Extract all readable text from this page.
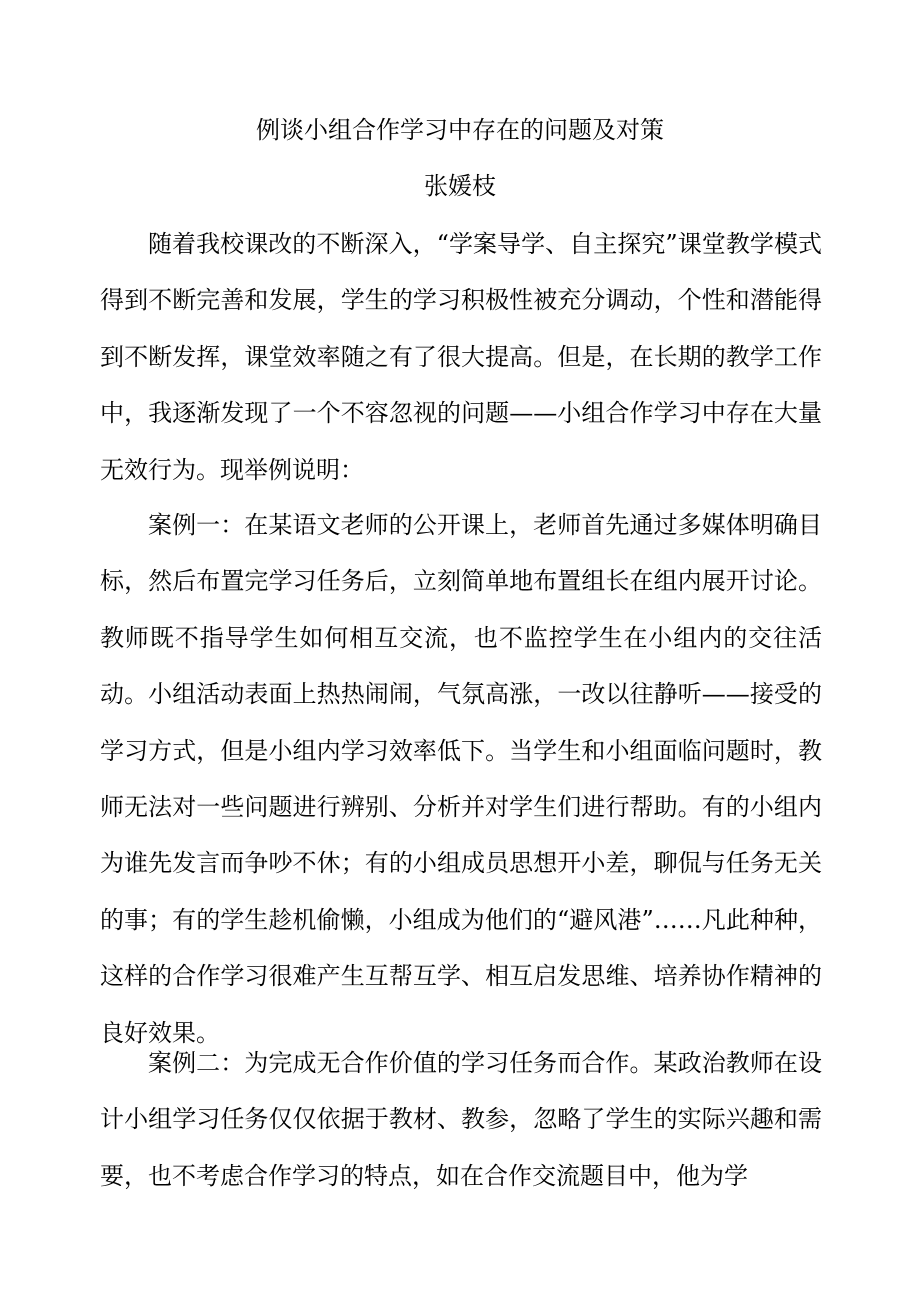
例谈小组合作学习中存在的问题及对策
张媛枝

随着我校课改的不断深入，“学案导学、自主探究”课堂教学模式得到不断完善和发展，学生的学习积极性被充分调动，个性和潜能得到不断发挥，课堂效率随之有了很大提高。但是，在长期的教学工作中，我逐渐发现了一个不容忽视的问题——小组合作学习中存在大量无效行为。现举例说明：

案例一：在某语文老师的公开课上，老师首先通过多媒体明确目标，然后布置完学习任务后，立刻简单地布置组长在组内展开讨论。教师既不指导学生如何相互交流，也不监控学生在小组内的交往活动。小组活动表面上热热闹闹，气氛高涨，一改以往静听——接受的学习方式，但是小组内学习效率低下。当学生和小组面临问题时，教师无法对一些问题进行辨别、分析并对学生们进行帮助。有的小组内为谁先发言而争吵不休；有的小组成员思想开小差，聊侃与任务无关的事；有的学生趁机偷懒，小组成为他们的“避风港”……凡此种种，这样的合作学习很难产生互帮互学、相互启发思维、培养协作精神的良好效果。

案例二：为完成无合作价值的学习任务而合作。某政治教师在设计小组学习任务仅仅依据于教材、教参，忽略了学生的实际兴趣和需要，也不考虑合作学习的特点，如在合作交流题目中，他为学
